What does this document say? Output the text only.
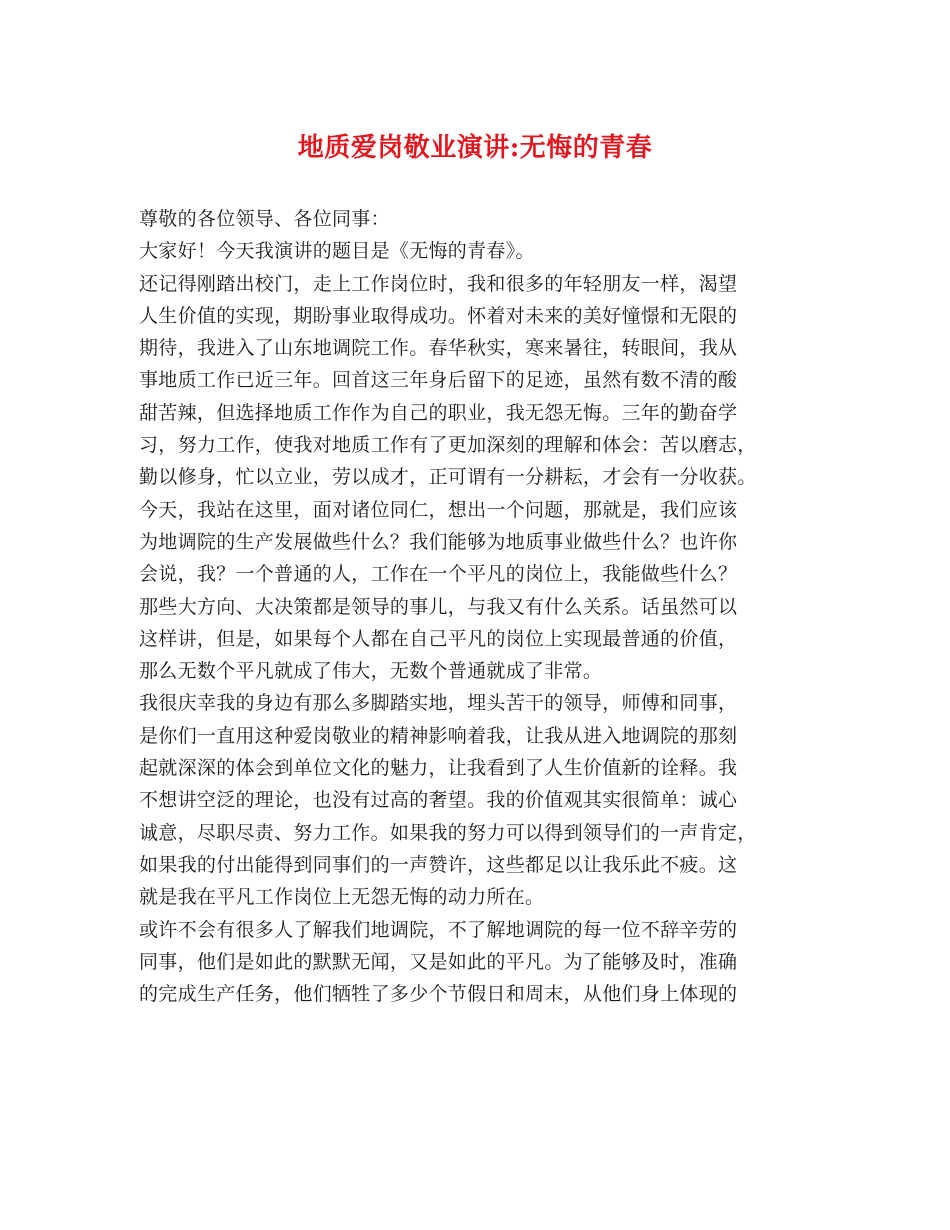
地质爱岗敬业演讲:无悔的青春
尊敬的各位领导、各位同事：
大家好！今天我演讲的题目是《无悔的青春》。
还记得刚踏出校门，走上工作岗位时，我和很多的年轻朋友一样，渴望
人生价值的实现，期盼事业取得成功。怀着对未来的美好憧憬和无限的
期待，我进入了山东地调院工作。春华秋实，寒来暑往，转眼间，我从
事地质工作已近三年。回首这三年身后留下的足迹，虽然有数不清的酸
甜苦辣，但选择地质工作作为自己的职业，我无怨无悔。三年的勤奋学
习，努力工作，使我对地质工作有了更加深刻的理解和体会：苦以磨志，
勤以修身，忙以立业，劳以成才，正可谓有一分耕耘，才会有一分收获。
今天，我站在这里，面对诸位同仁，想出一个问题，那就是，我们应该
为地调院的生产发展做些什么？我们能够为地质事业做些什么？也许你
会说，我？一个普通的人，工作在一个平凡的岗位上，我能做些什么？
那些大方向、大决策都是领导的事儿，与我又有什么关系。话虽然可以
这样讲，但是，如果每个人都在自己平凡的岗位上实现最普通的价值，
那么无数个平凡就成了伟大，无数个普通就成了非常。
我很庆幸我的身边有那么多脚踏实地，埋头苦干的领导，师傅和同事，
是你们一直用这种爱岗敬业的精神影响着我，让我从进入地调院的那刻
起就深深的体会到单位文化的魅力，让我看到了人生价值新的诠释。我
不想讲空泛的理论，也没有过高的奢望。我的价值观其实很简单：诚心
诚意，尽职尽责、努力工作。如果我的努力可以得到领导们的一声肯定，
如果我的付出能得到同事们的一声赞许，这些都足以让我乐此不疲。这
就是我在平凡工作岗位上无怨无悔的动力所在。
或许不会有很多人了解我们地调院，不了解地调院的每一位不辞辛劳的
同事，他们是如此的默默无闻，又是如此的平凡。为了能够及时，准确
的完成生产任务，他们牺牲了多少个节假日和周末，从他们身上体现的
